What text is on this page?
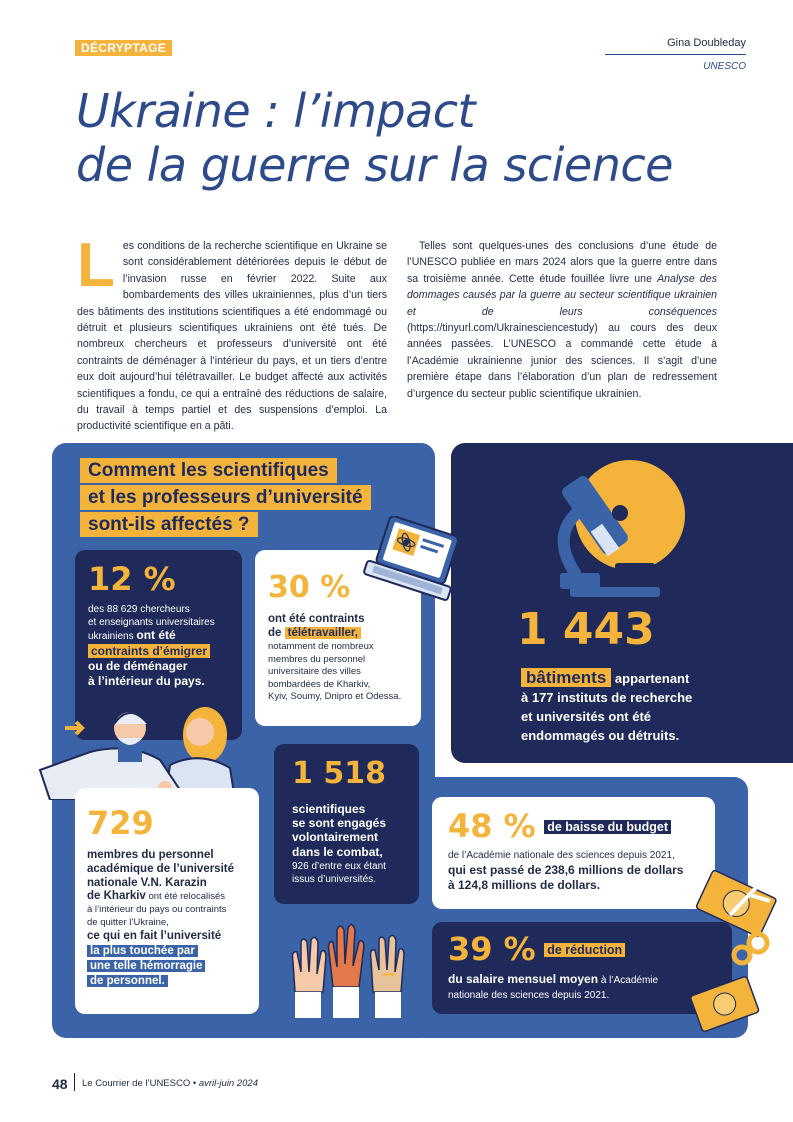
DÉCRYPTAGE	Gina Doubleday
UNESCO
Ukraine : l’impact
de la guerre sur la science
Les conditions de la recherche scientifique en Ukraine se sont considérablement détériorées depuis le début de l’invasion russe en février 2022. Suite aux bombardements des villes ukrainiennes, plus d’un tiers des bâtiments des institutions scientifiques a été endommagé ou détruit et plusieurs scientifiques ukrainiens ont été tués. De nombreux chercheurs et professeurs d’université ont été contraints de déménager à l’intérieur du pays, et un tiers d’entre eux doit aujourd’hui télétravailler. Le budget affecté aux activités scientifiques a fondu, ce qui a entraîné des réductions de salaire, du travail à temps partiel et des suspensions d’emploi. La productivité scientifique en a pâti.
Telles sont quelques-unes des conclusions d’une étude de l’UNESCO publiée en mars 2024 alors que la guerre entre dans sa troisième année. Cette étude fouillée livre une Analyse des dommages causés par la guerre au secteur scientifique ukrainien et de leurs conséquences (https://tinyurl.com/Ukrainesciencestudy) au cours des deux années passées. L’UNESCO a commandé cette étude à l’Académie ukrainienne junior des sciences. Il s’agit d’une première étape dans l’élaboration d’un plan de redressement d’urgence du secteur public scientifique ukrainien.
Comment les scientifiques
et les professeurs d’université
sont-ils affectés ?
12 %
des 88 629 chercheurs
et enseignants universitaires
ukrainiens ont été
contraints d’émigrer
ou de déménager
à l’intérieur du pays.
30 %
ont été contraints
de télétravailler,
notamment de nombreux
membres du personnel
universitaire des villes
bombardées de Kharkiv,
Kyiv, Soumy, Dnipro et Odessa.
1 443
bâtiments appartenant
à 177 instituts de recherche
et universités ont été
endommagés ou détruits.
729
membres du personnel
académique de l’université
nationale V.N. Karazin
de Kharkiv ont été relocalisés
à l’intérieur du pays ou contraints
de quitter l’Ukraine,
ce qui en fait l’université
la plus touchée par
une telle hémorragie
de personnel.
1 518
scientifiques
se sont engagés
volontairement
dans le combat,
926 d’entre eux étant
issus d’universités.
48 % $^{de baisse du budget}$
de l’Académie nationale des sciences depuis 2021,
qui est passé de 238,6 millions de dollars
à 124,8 millions de dollars.
39 % $^{de réduction}$
du salaire mensuel moyen à l’Académie
nationale des sciences depuis 2021.
48 Le Courrier de l’UNESCO • avril-juin 2024
